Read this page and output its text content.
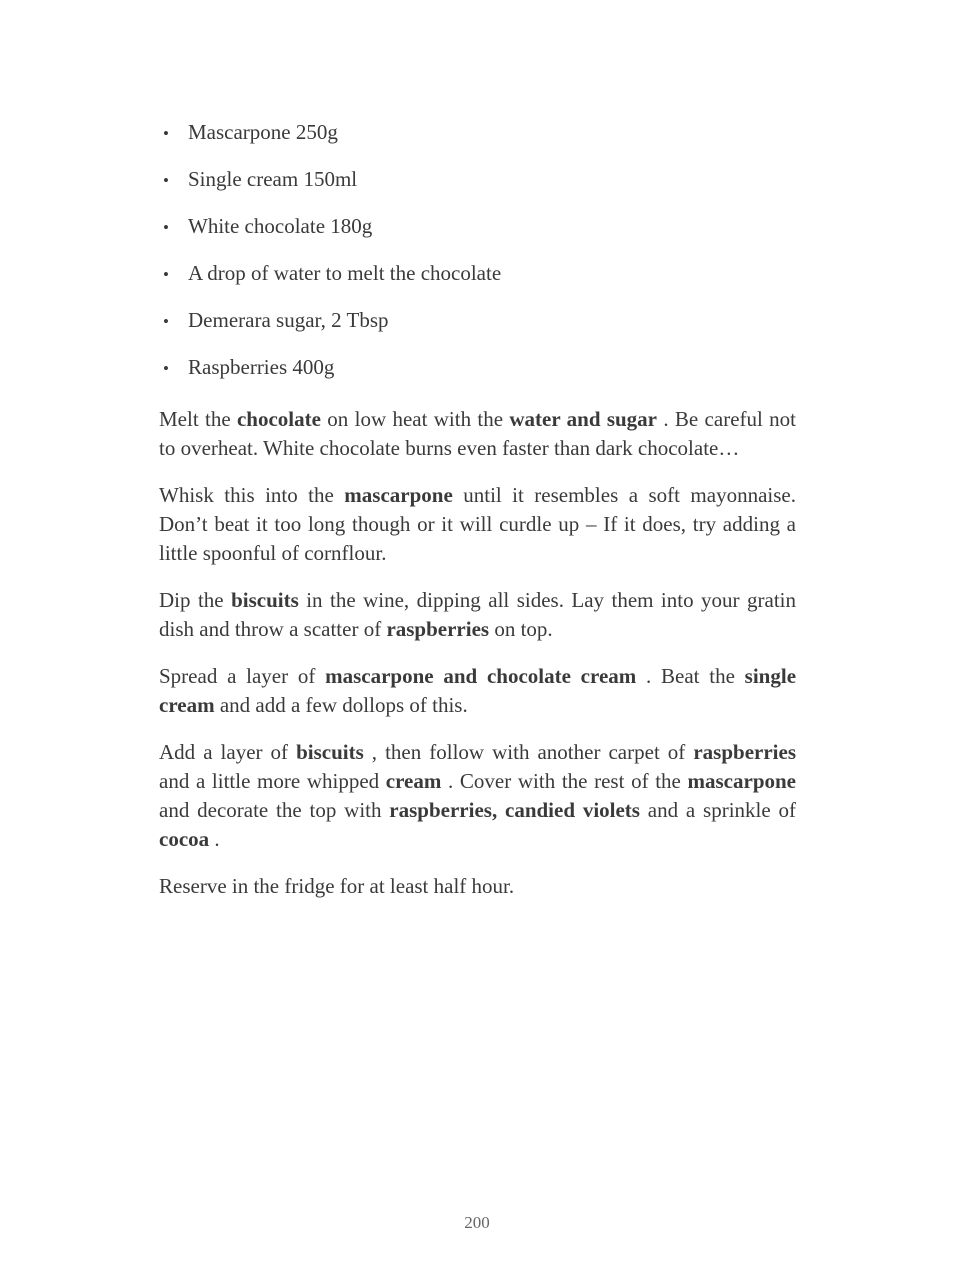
• Mascarpone 250g
• Single cream 150ml
• White chocolate 180g
• A drop of water to melt the chocolate
• Demerara sugar, 2 Tbsp
• Raspberries 400g

Melt the chocolate on low heat with the water and sugar . Be careful not to overheat. White chocolate burns even faster than dark chocolate…

Whisk this into the mascarpone until it resembles a soft mayonnaise. Don’t beat it too long though or it will curdle up – If it does, try adding a little spoonful of cornflour.

Dip the biscuits in the wine, dipping all sides. Lay them into your gratin dish and throw a scatter of raspberries on top.

Spread a layer of mascarpone and chocolate cream . Beat the single cream and add a few dollops of this.

Add a layer of biscuits , then follow with another carpet of raspberries and a little more whipped cream . Cover with the rest of the mascarpone and decorate the top with raspberries, candied violets and a sprinkle of cocoa .

Reserve in the fridge for at least half hour.

200
